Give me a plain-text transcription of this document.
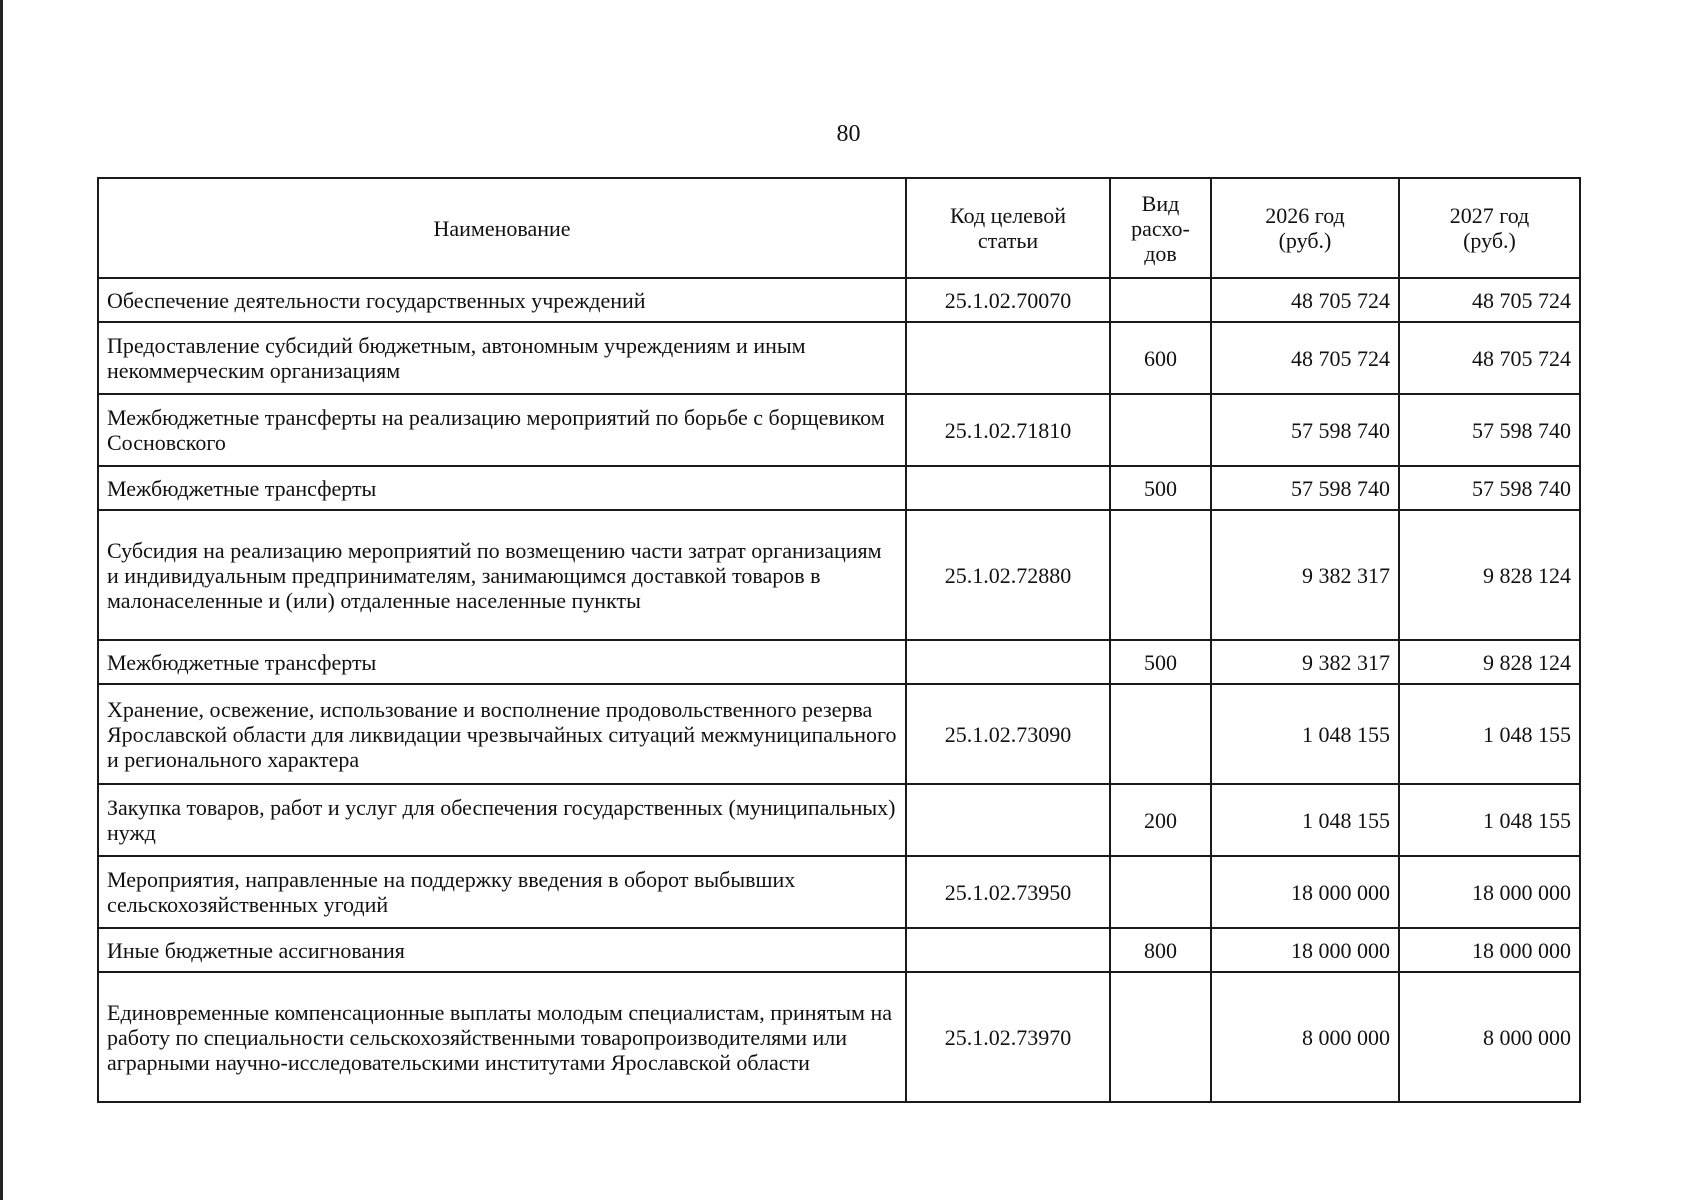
80
Наименование	Код целевой статьи	Вид расхо-дов	2026 год (руб.)	2027 год (руб.)
Обеспечение деятельности государственных учреждений	25.1.02.70070		48 705 724	48 705 724
Предоставление субсидий бюджетным, автономным учреждениям и иным некоммерческим организациям		600	48 705 724	48 705 724
Межбюджетные трансферты на реализацию мероприятий по борьбе с борщевиком Сосновского	25.1.02.71810		57 598 740	57 598 740
Межбюджетные трансферты		500	57 598 740	57 598 740
Субсидия на реализацию мероприятий по возмещению части затрат организациям и индивидуальным предпринимателям, занимающимся доставкой товаров в малонаселенные и (или) отдаленные населенные пункты	25.1.02.72880		9 382 317	9 828 124
Межбюджетные трансферты		500	9 382 317	9 828 124
Хранение, освежение, использование и восполнение продовольственного резерва Ярославской области для ликвидации чрезвычайных ситуаций межмуниципального и регионального характера	25.1.02.73090		1 048 155	1 048 155
Закупка товаров, работ и услуг для обеспечения государственных (муниципальных) нужд		200	1 048 155	1 048 155
Мероприятия, направленные на поддержку введения в оборот выбывших сельскохозяйственных угодий	25.1.02.73950		18 000 000	18 000 000
Иные бюджетные ассигнования		800	18 000 000	18 000 000
Единовременные компенсационные выплаты молодым специалистам, принятым на работу по специальности сельскохозяйственными товаропроизводителями или аграрными научно-исследовательскими институтами Ярославской области	25.1.02.73970		8 000 000	8 000 000
